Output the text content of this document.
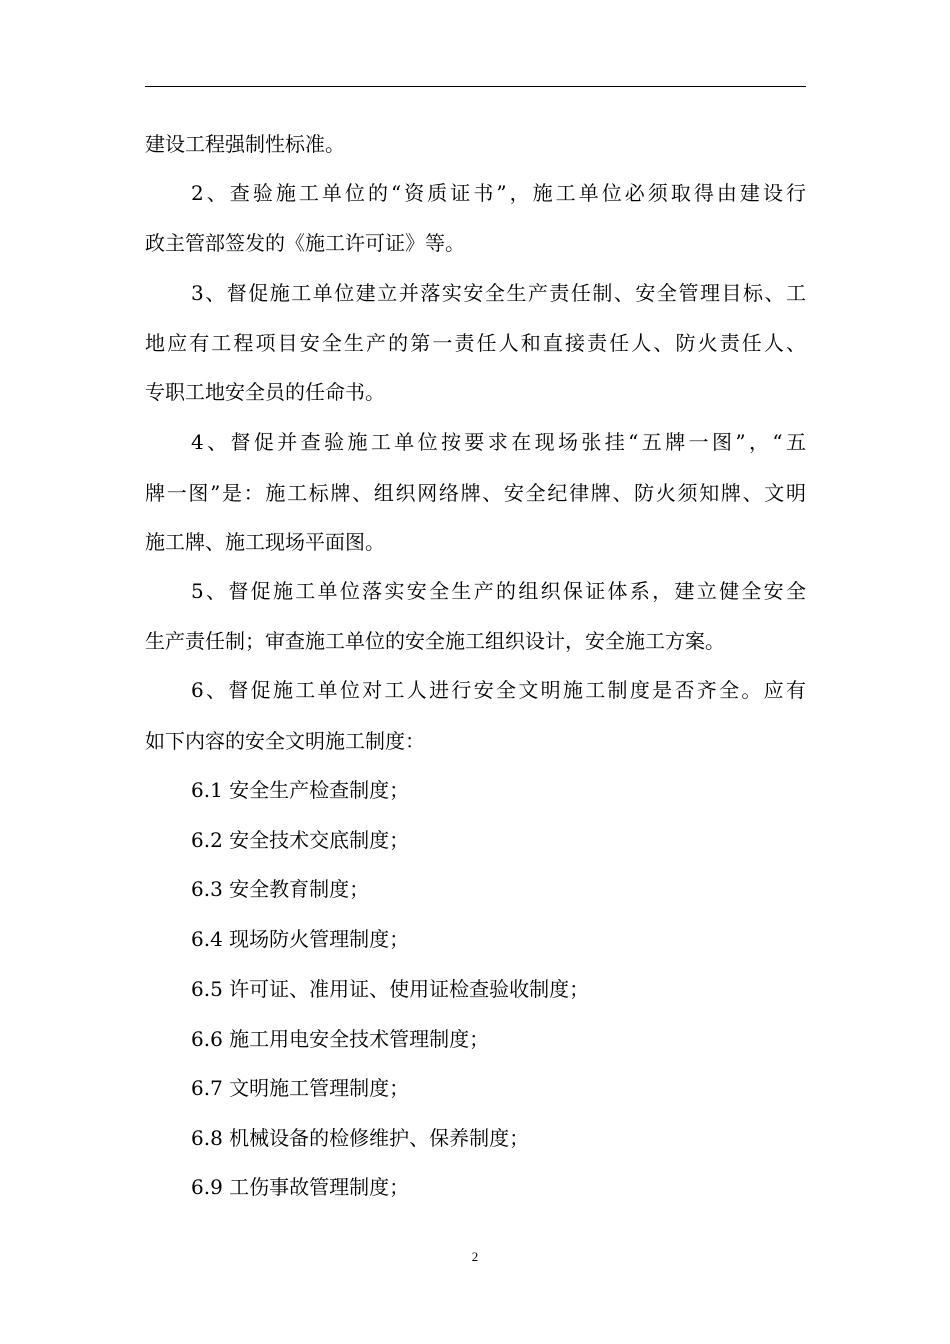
建设工程强制性标准。
2、查验施工单位的“资质证书”，施工单位必须取得由建设行
政主管部签发的《施工许可证》等。
3、督促施工单位建立并落实安全生产责任制、安全管理目标、工
地应有工程项目安全生产的第一责任人和直接责任人、防火责任人、
专职工地安全员的任命书。
4、督促并查验施工单位按要求在现场张挂“五牌一图”，“五
牌一图”是：施工标牌、组织网络牌、安全纪律牌、防火须知牌、文明
施工牌、施工现场平面图。
5、督促施工单位落实安全生产的组织保证体系，建立健全安全
生产责任制；审查施工单位的安全施工组织设计，安全施工方案。
6、督促施工单位对工人进行安全文明施工制度是否齐全。应有
如下内容的安全文明施工制度：
6.1 安全生产检查制度；
6.2 安全技术交底制度；
6.3 安全教育制度；
6.4 现场防火管理制度；
6.5 许可证、准用证、使用证检查验收制度；
6.6 施工用电安全技术管理制度；
6.7 文明施工管理制度；
6.8 机械设备的检修维护、保养制度；
6.9 工伤事故管理制度；
2
